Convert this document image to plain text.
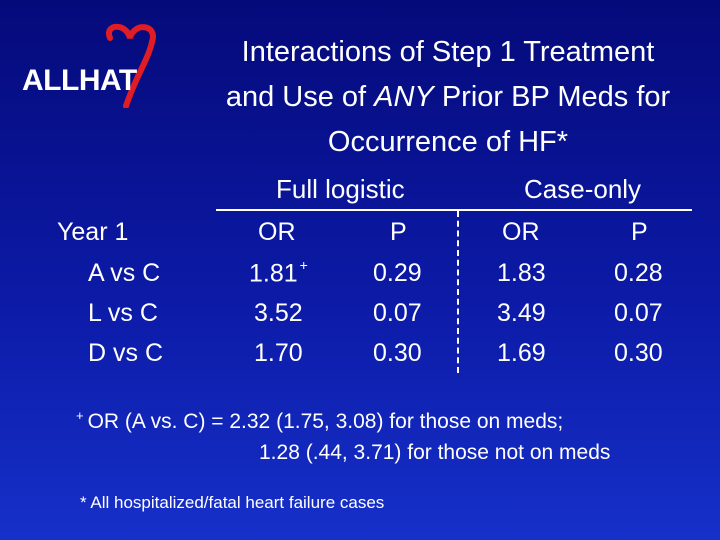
ALLHAT
Interactions of Step 1 Treatment
and Use of ANY Prior BP Meds for
Occurrence of HF*
Full logistic	Case-only
Year 1	OR	P	OR	P
A vs C	1.81 +	0.29	1.83	0.28
L vs C	3.52	0.07	3.49	0.07
D vs C	1.70	0.30	1.69	0.30
+ OR (A vs. C) = 2.32 (1.75, 3.08) for those on meds;
1.28 (.44, 3.71) for those not on meds
* All hospitalized/fatal heart failure cases
